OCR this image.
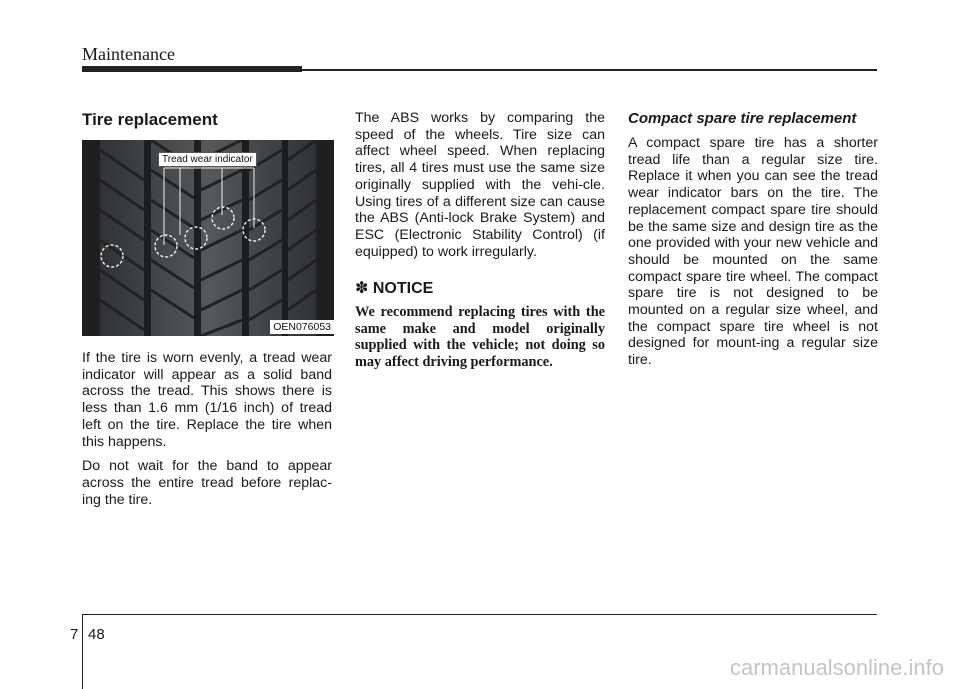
Maintenance
Tire replacement
Tread wear indicator
OEN076053

If the tire is worn evenly, a tread wear indicator will appear as a solid band across the tread. This shows there is less than 1.6 mm (1/16 inch) of tread left on the tire. Replace the tire when this happens.

Do not wait for the band to appear across the entire tread before replac-ing the tire.

The ABS works by comparing the speed of the wheels. Tire size can affect wheel speed. When replacing tires, all 4 tires must use the same size originally supplied with the vehi-cle. Using tires of a different size can cause the ABS (Anti-lock Brake System) and ESC (Electronic Stability Control) (if equipped) to work irregularly.

✽ NOTICE

We recommend replacing tires with the same make and model originally supplied with the vehicle; not doing so may affect driving performance.

Compact spare tire replacement

A compact spare tire has a shorter tread life than a regular size tire. Replace it when you can see the tread wear indicator bars on the tire. The replacement compact spare tire should be the same size and design tire as the one provided with your new vehicle and should be mounted on the same compact spare tire wheel. The compact spare tire is not designed to be mounted on a regular size wheel, and the compact spare tire wheel is not designed for mount-ing a regular size tire.

7 48
carmanualsonline.info
